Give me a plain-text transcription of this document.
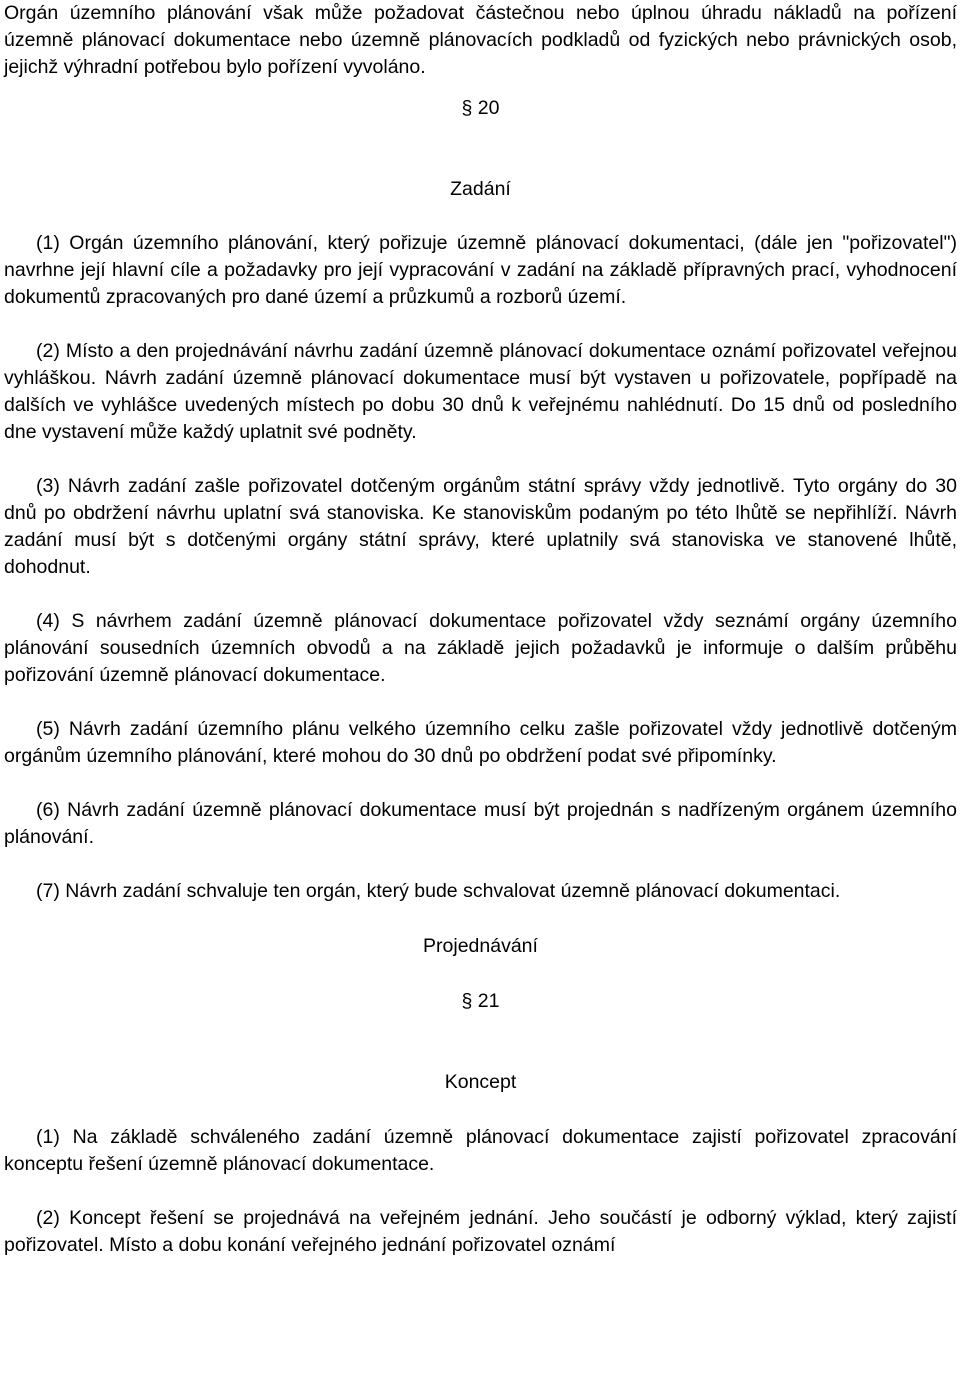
Orgán územního plánování však může požadovat částečnou nebo úplnou úhradu nákladů na pořízení územně plánovací dokumentace nebo územně plánovacích podkladů od fyzických nebo právnických osob, jejichž výhradní potřebou bylo pořízení vyvoláno.

§ 20

Zadání

(1) Orgán územního plánování, který pořizuje územně plánovací dokumentaci, (dále jen "pořizovatel") navrhne její hlavní cíle a požadavky pro její vypracování v zadání na základě přípravných prací, vyhodnocení dokumentů zpracovaných pro dané území a průzkumů a rozborů území.

(2) Místo a den projednávání návrhu zadání územně plánovací dokumentace oznámí pořizovatel veřejnou vyhláškou. Návrh zadání územně plánovací dokumentace musí být vystaven u pořizovatele, popřípadě na dalších ve vyhlášce uvedených místech po dobu 30 dnů k veřejnému nahlédnutí. Do 15 dnů od posledního dne vystavení může každý uplatnit své podněty.

(3) Návrh zadání zašle pořizovatel dotčeným orgánům státní správy vždy jednotlivě. Tyto orgány do 30 dnů po obdržení návrhu uplatní svá stanoviska. Ke stanoviskům podaným po této lhůtě se nepřihlíží. Návrh zadání musí být s dotčenými orgány státní správy, které uplatnily svá stanoviska ve stanovené lhůtě, dohodnut.

(4) S návrhem zadání územně plánovací dokumentace pořizovatel vždy seznámí orgány územního plánování sousedních územních obvodů a na základě jejich požadavků je informuje o dalším průběhu pořizování územně plánovací dokumentace.

(5) Návrh zadání územního plánu velkého územního celku zašle pořizovatel vždy jednotlivě dotčeným orgánům územního plánování, které mohou do 30 dnů po obdržení podat své připomínky.

(6) Návrh zadání územně plánovací dokumentace musí být projednán s nadřízeným orgánem územního plánování.

(7) Návrh zadání schvaluje ten orgán, který bude schvalovat územně plánovací dokumentaci.

Projednávání

§ 21

Koncept

(1) Na základě schváleného zadání územně plánovací dokumentace zajistí pořizovatel zpracování konceptu řešení územně plánovací dokumentace.

(2) Koncept řešení se projednává na veřejném jednání. Jeho součástí je odborný výklad, který zajistí pořizovatel. Místo a dobu konání veřejného jednání pořizovatel oznámí
